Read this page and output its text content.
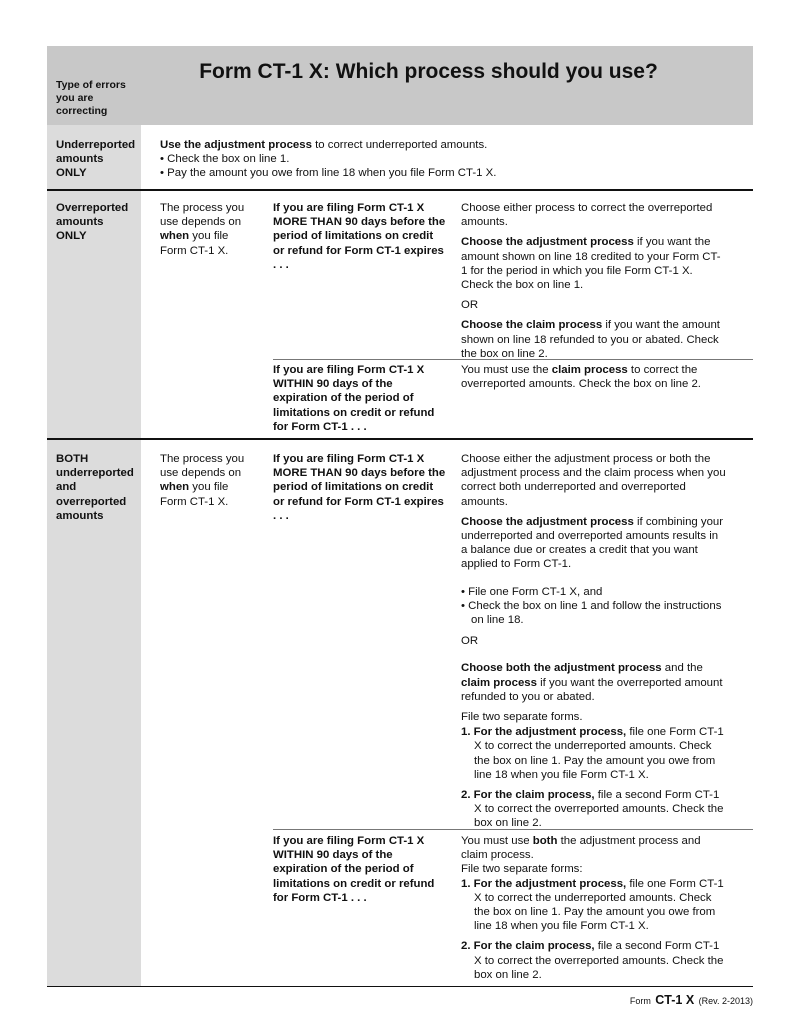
Type of errors you are correcting
Form CT-1 X: Which process should you use?
Underreported amounts ONLY
Use the adjustment process to correct underreported amounts.
• Check the box on line 1.
• Pay the amount you owe from line 18 when you file Form CT-1 X.
Overreported amounts ONLY
The process you use depends on when you file Form CT-1 X.
If you are filing Form CT-1 X MORE THAN 90 days before the period of limitations on credit or refund for Form CT-1 expires . . .

Choose either process to correct the overreported amounts.

Choose the adjustment process if you want the amount shown on line 18 credited to your Form CT-1 for the period in which you file Form CT-1 X. Check the box on line 1.

OR

Choose the claim process if you want the amount shown on line 18 refunded to you or abated. Check the box on line 2.

If you are filing Form CT-1 X WITHIN 90 days of the expiration of the period of limitations on credit or refund for Form CT-1 . . .
You must use the claim process to correct the overreported amounts. Check the box on line 2.
BOTH underreported and overreported amounts
The process you use depends on when you file Form CT-1 X.
If you are filing Form CT-1 X MORE THAN 90 days before the period of limitations on credit or refund for Form CT-1 expires . . .

Choose either the adjustment process or both the adjustment process and the claim process when you correct both underreported and overreported amounts.

Choose the adjustment process if combining your underreported and overreported amounts results in a balance due or creates a credit that you want applied to Form CT-1.

• File one Form CT-1 X, and
• Check the box on line 1 and follow the instructions on line 18.

OR

Choose both the adjustment process and the claim process if you want the overreported amount refunded to you or abated.

File two separate forms.
1. For the adjustment process, file one Form CT-1 X to correct the underreported amounts. Check the box on line 1. Pay the amount you owe from line 18 when you file Form CT-1 X.
2. For the claim process, file a second Form CT-1 X to correct the overreported amounts. Check the box on line 2.
If you are filing Form CT-1 X WITHIN 90 days of the expiration of the period of limitations on credit or refund for Form CT-1 . . .
You must use both the adjustment process and claim process.
File two separate forms:
1. For the adjustment process, file one Form CT-1 X to correct the underreported amounts. Check the box on line 1. Pay the amount you owe from line 18 when you file Form CT-1 X.
2. For the claim process, file a second Form CT-1 X to correct the overreported amounts. Check the box on line 2.
Form CT-1 X (Rev. 2-2013)
